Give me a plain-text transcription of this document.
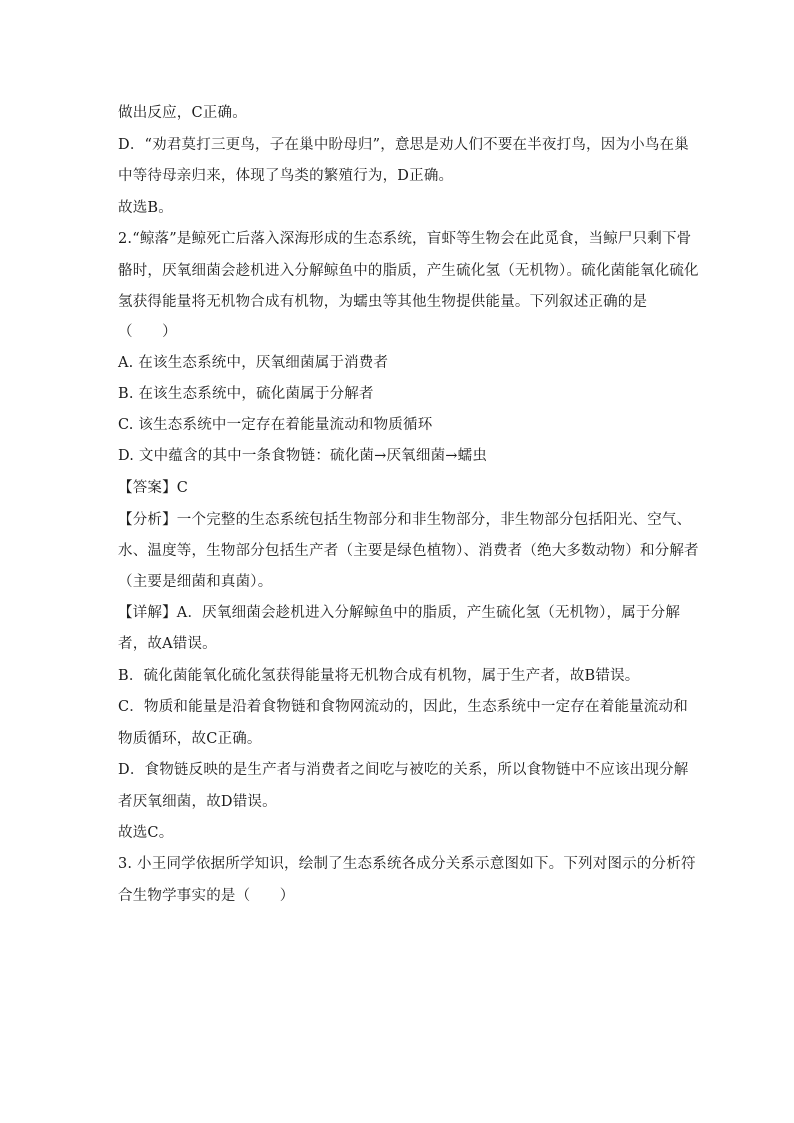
做出反应，C正确。
D．“劝君莫打三更鸟，子在巢中盼母归”，意思是劝人们不要在半夜打鸟，因为小鸟在巢
中等待母亲归来，体现了鸟类的繁殖行为，D正确。
故选B。
2.“鲸落”是鲸死亡后落入深海形成的生态系统，盲虾等生物会在此觅食，当鲸尸只剩下骨
骼时，厌氧细菌会趁机进入分解鲸鱼中的脂质，产生硫化氢（无机物）。硫化菌能氧化硫化
氢获得能量将无机物合成有机物，为蠕虫等其他生物提供能量。下列叙述正确的是
（　　）
A. 在该生态系统中，厌氧细菌属于消费者
B. 在该生态系统中，硫化菌属于分解者
C. 该生态系统中一定存在着能量流动和物质循环
D. 文中蕴含的其中一条食物链：硫化菌→厌氧细菌→蠕虫
【答案】C
【分析】一个完整的生态系统包括生物部分和非生物部分，非生物部分包括阳光、空气、
水、温度等，生物部分包括生产者（主要是绿色植物）、消费者（绝大多数动物）和分解者
（主要是细菌和真菌）。
【详解】A．厌氧细菌会趁机进入分解鲸鱼中的脂质，产生硫化氢（无机物），属于分解
者，故A错误。
B．硫化菌能氧化硫化氢获得能量将无机物合成有机物，属于生产者，故B错误。
C．物质和能量是沿着食物链和食物网流动的，因此，生态系统中一定存在着能量流动和
物质循环，故C正确。
D．食物链反映的是生产者与消费者之间吃与被吃的关系，所以食物链中不应该出现分解
者厌氧细菌，故D错误。
故选C。
3. 小王同学依据所学知识，绘制了生态系统各成分关系示意图如下。下列对图示的分析符
合生物学事实的是（　　）
